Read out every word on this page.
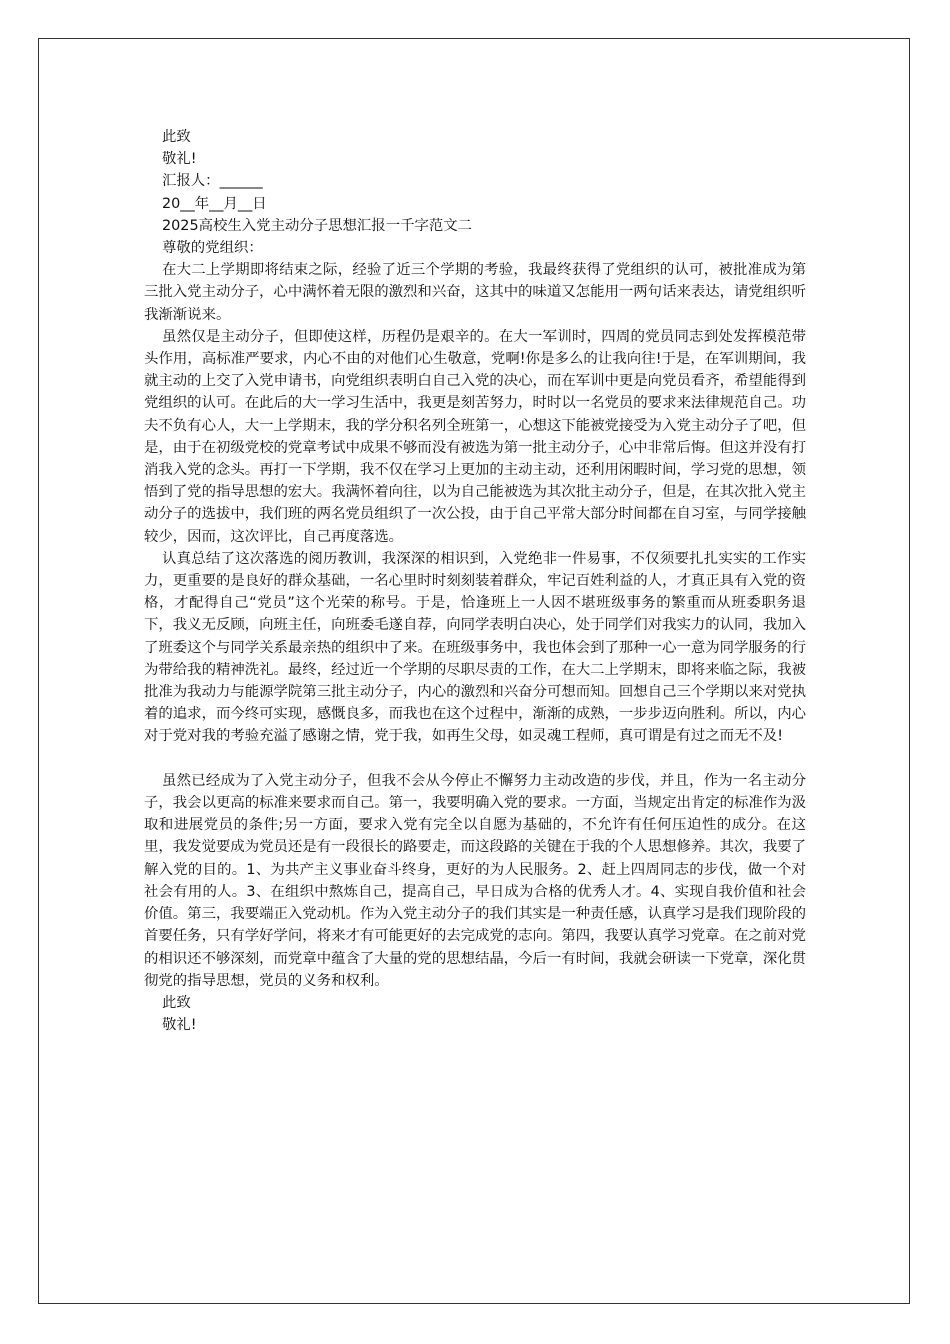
此致

敬礼!

汇报人：______

20__年__月__日

2025高校生入党主动分子思想汇报一千字范文二

尊敬的党组织：

在大二上学期即将结束之际，经验了近三个学期的考验，我最终获得了党组织的认可，被批准成为第三批入党主动分子，心中满怀着无限的激烈和兴奋，这其中的味道又怎能用一两句话来表达，请党组织听我渐渐说来。

虽然仅是主动分子，但即使这样，历程仍是艰辛的。在大一军训时，四周的党员同志到处发挥模范带头作用，高标准严要求，内心不由的对他们心生敬意，党啊!你是多么的让我向往!于是，在军训期间，我就主动的上交了入党申请书，向党组织表明白自己入党的决心，而在军训中更是向党员看齐，希望能得到党组织的认可。在此后的大一学习生活中，我更是刻苦努力，时时以一名党员的要求来法律规范自己。功夫不负有心人，大一上学期末，我的学分积名列全班第一，心想这下能被党接受为入党主动分子了吧，但是，由于在初级党校的党章考试中成果不够而没有被选为第一批主动分子，心中非常后悔。但这并没有打消我入党的念头。再打一下学期，我不仅在学习上更加的主动主动，还利用闲暇时间，学习党的思想，领悟到了党的指导思想的宏大。我满怀着向往，以为自己能被选为其次批主动分子，但是，在其次批入党主动分子的选拔中，我们班的两名党员组织了一次公投，由于自己平常大部分时间都在自习室，与同学接触较少，因而，这次评比，自己再度落选。

认真总结了这次落选的阅历教训，我深深的相识到，入党绝非一件易事，不仅须要扎扎实实的工作实力，更重要的是良好的群众基础，一名心里时时刻刻装着群众，牢记百姓利益的人，才真正具有入党的资格，才配得自己“党员”这个光荣的称号。于是，恰逢班上一人因不堪班级事务的繁重而从班委职务退下，我义无反顾，向班主任，向班委毛遂自荐，向同学表明白决心，处于同学们对我实力的认同，我加入了班委这个与同学关系最亲热的组织中了来。在班级事务中，我也体会到了那种一心一意为同学服务的行为带给我的精神洗礼。最终，经过近一个学期的尽职尽责的工作，在大二上学期末，即将来临之际，我被批准为我动力与能源学院第三批主动分子，内心的激烈和兴奋分可想而知。回想自己三个学期以来对党执着的追求，而今终可实现，感慨良多，而我也在这个过程中，渐渐的成熟，一步步迈向胜利。所以，内心对于党对我的考验充溢了感谢之情，党于我，如再生父母，如灵魂工程师，真可谓是有过之而无不及!

虽然已经成为了入党主动分子，但我不会从今停止不懈努力主动改造的步伐，并且，作为一名主动分子，我会以更高的标准来要求而自己。第一，我要明确入党的要求。一方面，当规定出肯定的标准作为汲取和进展党员的条件;另一方面，要求入党有完全以自愿为基础的，不允许有任何压迫性的成分。在这里，我发觉要成为党员还是有一段很长的路要走，而这段路的关键在于我的个人思想修养。其次，我要了解入党的目的。1、为共产主义事业奋斗终身，更好的为人民服务。2、赶上四周同志的步伐，做一个对社会有用的人。3、在组织中熬炼自己，提高自己，早日成为合格的优秀人才。4、实现自我价值和社会价值。第三，我要端正入党动机。作为入党主动分子的我们其实是一种责任感，认真学习是我们现阶段的首要任务，只有学好学问，将来才有可能更好的去完成党的志向。第四，我要认真学习党章。在之前对党的相识还不够深刻，而党章中蕴含了大量的党的思想结晶，今后一有时间，我就会研读一下党章，深化贯彻党的指导思想，党员的义务和权利。

此致

敬礼!
